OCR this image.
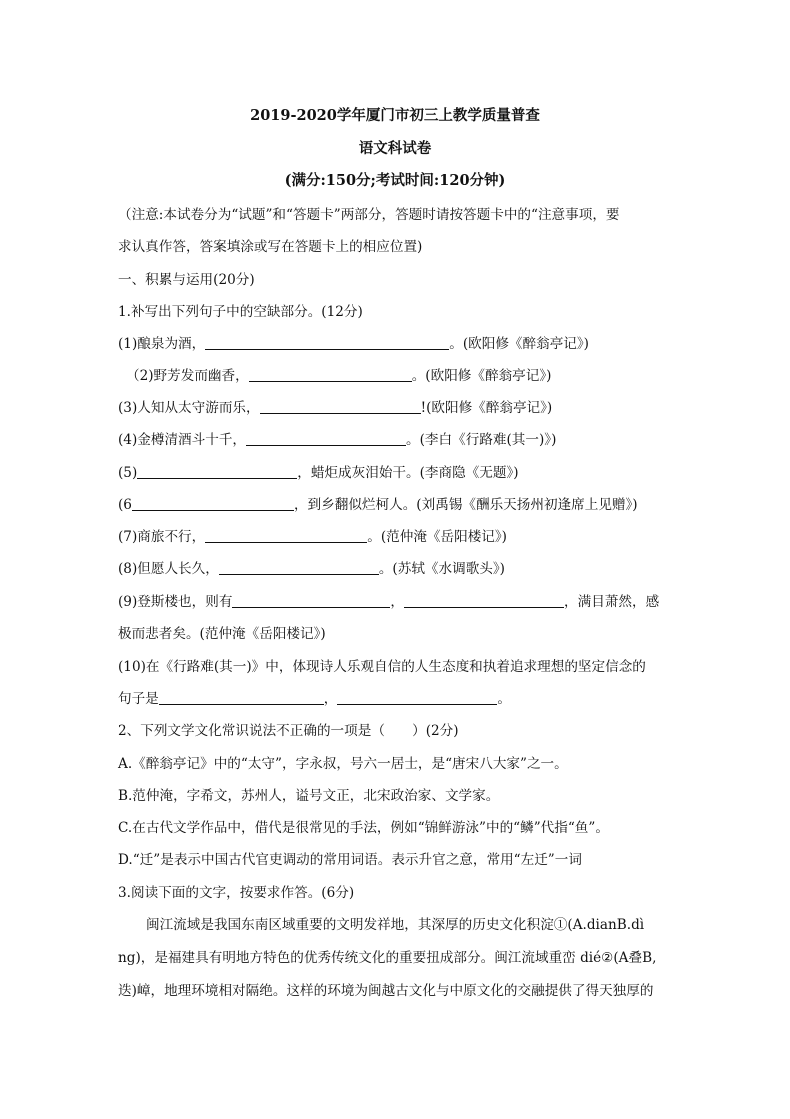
2019-2020学年厦门市初三上教学质量普查
语文科试卷
(满分:150分;考试时间:120分钟)
（注意:本试卷分为“试题”和“答题卡”两部分，答题时请按答题卡中的“注意事项，要
求认真作答，答案填涂或写在答题卡上的相应位置)
一、积累与运用(20分)
1.补写出下列句子中的空缺部分。(12分)
(1)酿泉为酒，	。(欧阳修《醉翁亭记》)
（2)野芳发而幽香，	。(欧阳修《醉翁亭记》)
(3)人知从太守游而乐，	!(欧阳修《醉翁亭记》)
(4)金樽清酒斗十千，	。(李白《行路难(其一)》)
(5)	，蜡炬成灰泪始干。(李商隐《无题》)
(6	，到乡翻似烂柯人。(刘禹锡《酬乐天扬州初逢席上见赠》)
(7)商旅不行，	。(范仲淹《岳阳楼记》)
(8)但愿人长久，	。(苏轼《水调歌头》)
(9)登斯楼也，则有	，	，满目萧然，感
极而悲者矣。(范仲淹《岳阳楼记》)
(10)在《行路难(其一)》中，体现诗人乐观自信的人生态度和执着追求理想的坚定信念的
句子是	，	。
2、下列文学文化常识说法不正确的一项是（　　）(2分)
A.《醉翁亭记》中的“太守”，字永叔，号六一居士，是“唐宋八大家”之一。
B.范仲淹，字希文，苏州人，谥号文正，北宋政治家、文学家。
C.在古代文学作品中，借代是很常见的手法，例如“锦鲜游泳”中的“鳞”代指“鱼”。
D.“迁”是表示中国古代官吏调动的常用词语。表示升官之意，常用“左迁”一词
3.阅读下面的文字，按要求作答。(6分)
闽江流域是我国东南区域重要的文明发祥地，其深厚的历史文化积淀①(A.dianB.dì
ng)，是福建具有明地方特色的优秀传统文化的重要扭成部分。闽江流域重峦 dié②(A叠B,
迭)嶂，地理环境相对隔绝。这样的环境为闽越古文化与中原文化的交融提供了得天独厚的
